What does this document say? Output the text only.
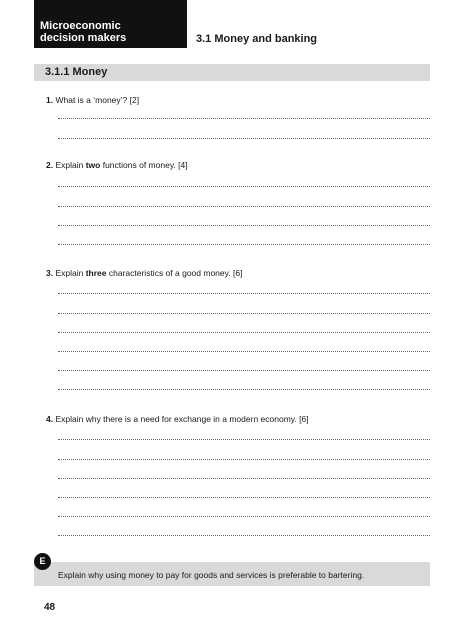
Microeconomic
decision makers	3.1 Money and banking
3.1.1 Money
1. What is a ‘money’? [2]
2. Explain two functions of money. [4]
3. Explain three characteristics of a good money. [6]
4. Explain why there is a need for exchange in a modern economy. [6]
Explain why using money to pay for goods and services is preferable to bartering.
E
48
